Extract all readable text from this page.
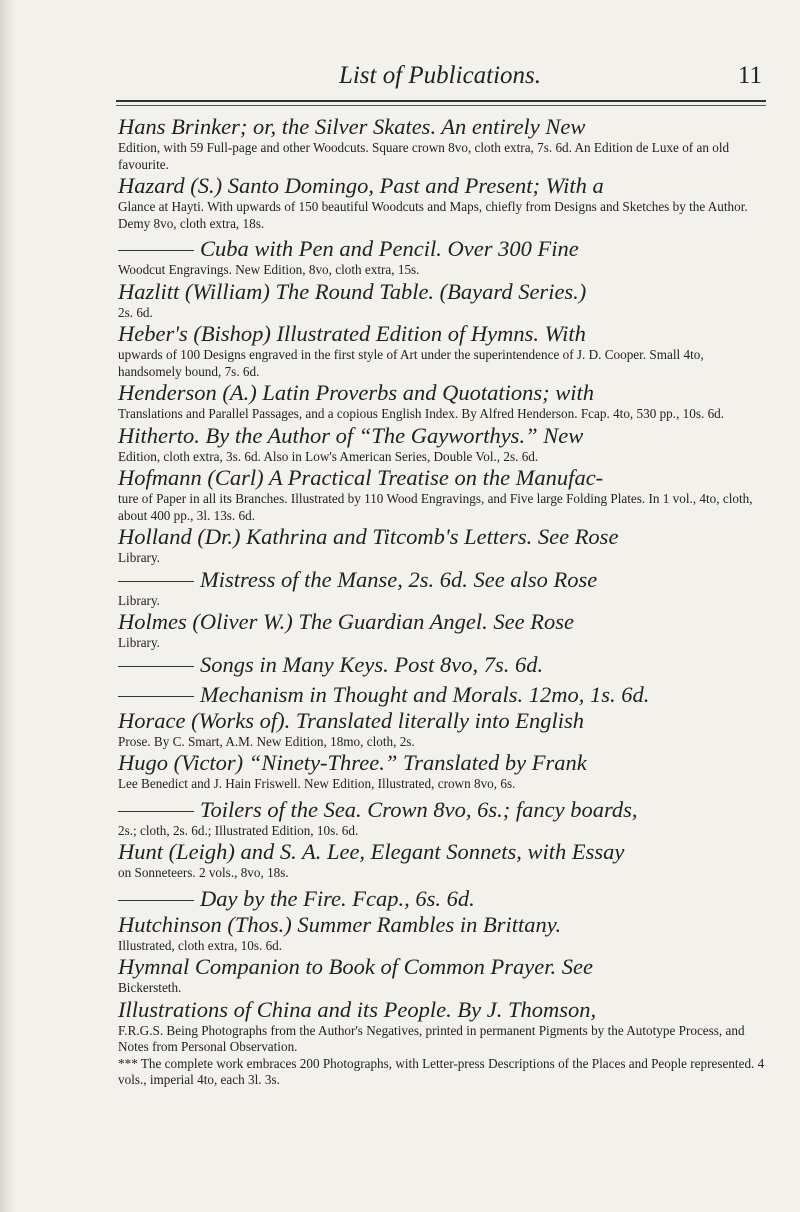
List of Publications.	11

Hans Brinker; or, the Silver Skates. An entirely New

Edition, with 59 Full-page and other Woodcuts. Square crown 8vo, cloth extra, 7s. 6d. An Edition de Luxe of an old favourite.

Hazard (S.) Santo Domingo, Past and Present; With a

Glance at Hayti. With upwards of 150 beautiful Woodcuts and Maps, chiefly from Designs and Sketches by the Author. Demy 8vo, cloth extra, 18s.

Cuba with Pen and Pencil. Over 300 Fine

Woodcut Engravings. New Edition, 8vo, cloth extra, 15s.

Hazlitt (William) The Round Table. (Bayard Series.)

2s. 6d.

Heber's (Bishop) Illustrated Edition of Hymns. With

upwards of 100 Designs engraved in the first style of Art under the superintendence of J. D. Cooper. Small 4to, handsomely bound, 7s. 6d.

Henderson (A.) Latin Proverbs and Quotations; with

Translations and Parallel Passages, and a copious English Index. By Alfred Henderson. Fcap. 4to, 530 pp., 10s. 6d.

Hitherto. By the Author of “The Gayworthys.” New

Edition, cloth extra, 3s. 6d. Also in Low's American Series, Double Vol., 2s. 6d.

Hofmann (Carl) A Practical Treatise on the Manufac-

ture of Paper in all its Branches. Illustrated by 110 Wood Engravings, and Five large Folding Plates. In 1 vol., 4to, cloth, about 400 pp., 3l. 13s. 6d.

Holland (Dr.) Kathrina and Titcomb's Letters. See Rose

Library.

Mistress of the Manse, 2s. 6d. See also Rose

Library.

Holmes (Oliver W.) The Guardian Angel. See Rose

Library.

Songs in Many Keys. Post 8vo, 7s. 6d.

Mechanism in Thought and Morals. 12mo, 1s. 6d.

Horace (Works of). Translated literally into English

Prose. By C. Smart, A.M. New Edition, 18mo, cloth, 2s.

Hugo (Victor) “Ninety-Three.” Translated by Frank

Lee Benedict and J. Hain Friswell. New Edition, Illustrated, crown 8vo, 6s.

Toilers of the Sea. Crown 8vo, 6s.; fancy boards,

2s.; cloth, 2s. 6d.; Illustrated Edition, 10s. 6d.

Hunt (Leigh) and S. A. Lee, Elegant Sonnets, with Essay

on Sonneteers. 2 vols., 8vo, 18s.

Day by the Fire. Fcap., 6s. 6d.

Hutchinson (Thos.) Summer Rambles in Brittany.

Illustrated, cloth extra, 10s. 6d.

Hymnal Companion to Book of Common Prayer. See

Bickersteth.

Illustrations of China and its People. By J. Thomson,

F.R.G.S. Being Photographs from the Author's Negatives, printed in permanent Pigments by the Autotype Process, and Notes from Personal Observation.

*** The complete work embraces 200 Photographs, with Letter-press Descriptions of the Places and People represented. 4 vols., imperial 4to, each 3l. 3s.
